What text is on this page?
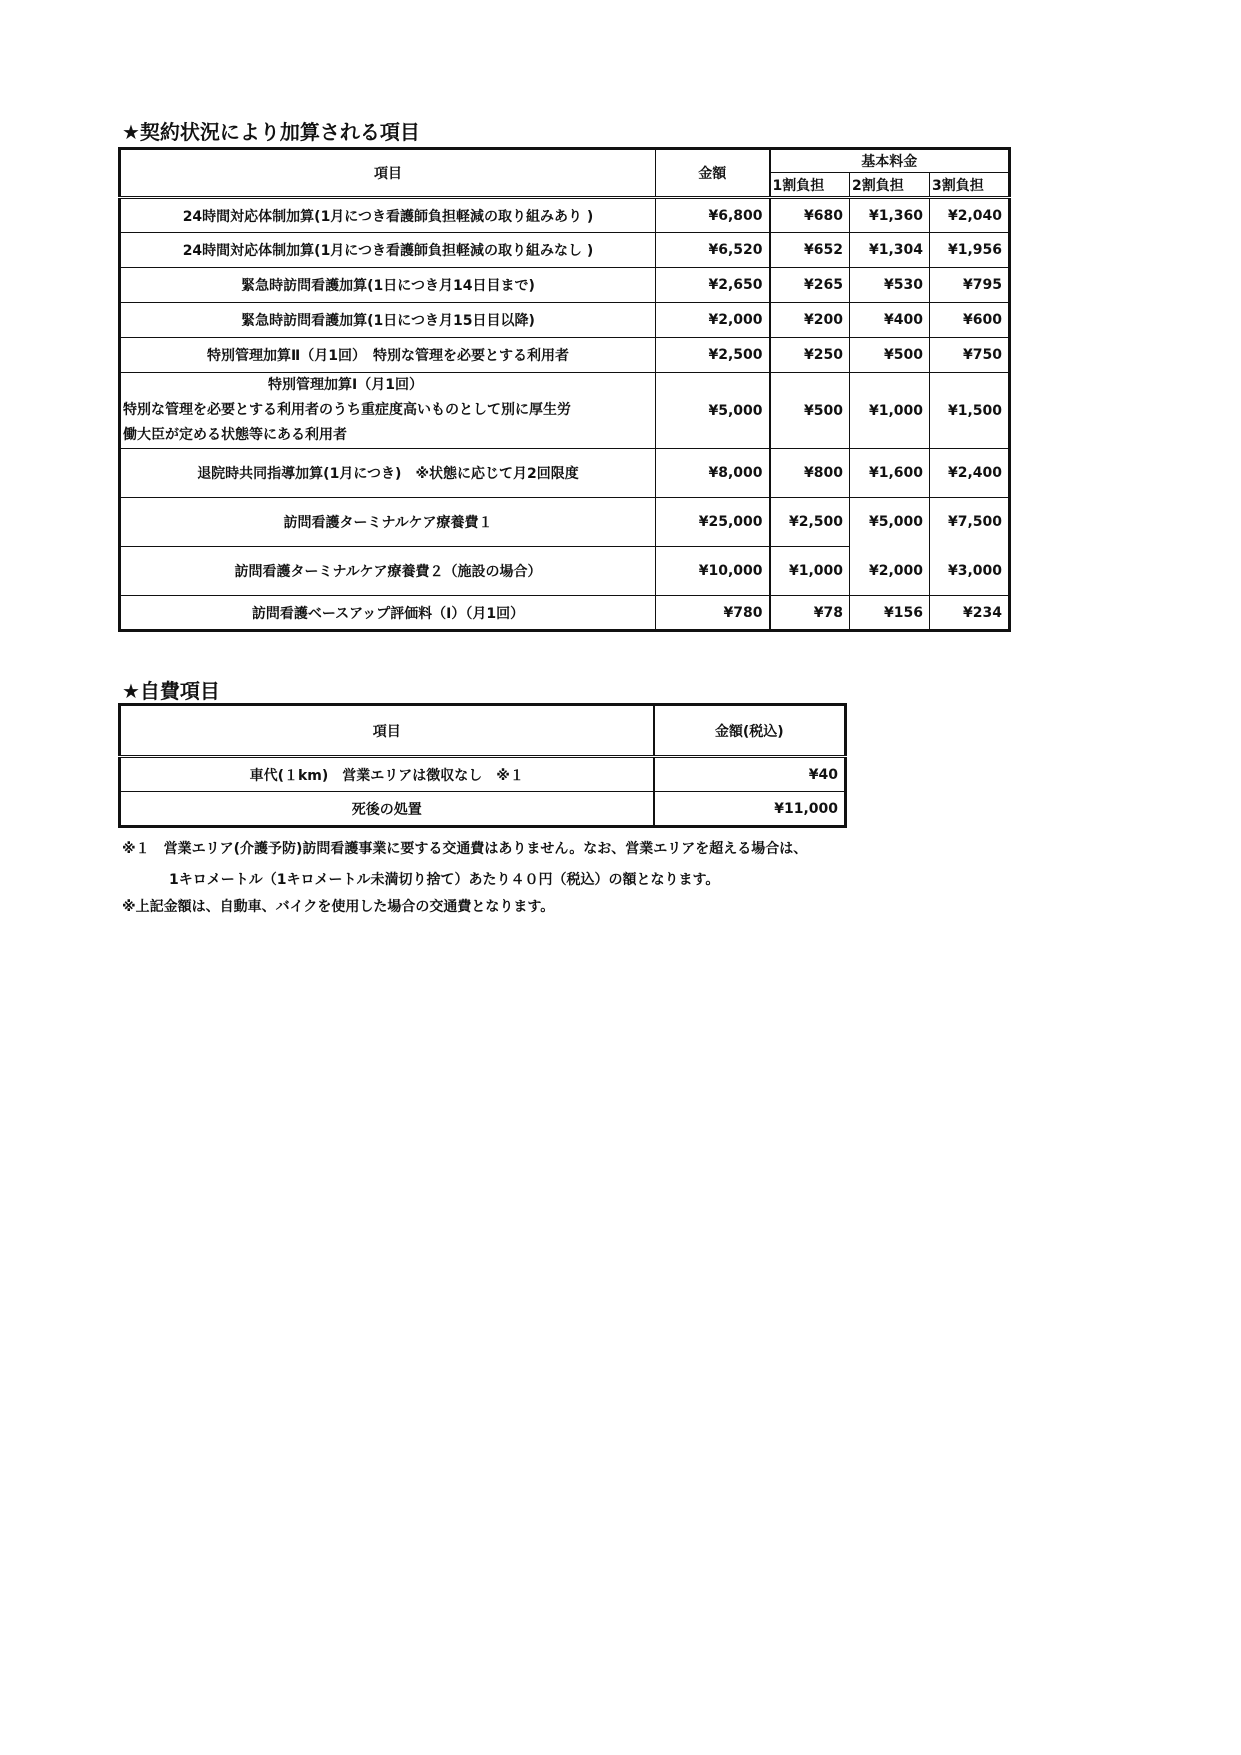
★契約状況により加算される項目
項目	金額	基本料金		
		1割負担	2割負担	3割負担
24時間対応体制加算(1月につき看護師負担軽減の取り組みあり )	¥6,800	¥680	¥1,360	¥2,040
24時間対応体制加算(1月につき看護師負担軽減の取り組みなし )	¥6,520	¥652	¥1,304	¥1,956
緊急時訪問看護加算(1日につき月14日目まで)	¥2,650	¥265	¥530	¥795
緊急時訪問看護加算(1日につき月15日目以降)	¥2,000	¥200	¥400	¥600
特別管理加算Ⅱ（月1回）　特別な管理を必要とする利用者	¥2,500	¥250	¥500	¥750

特別管理加算Ⅰ（月1回）
特別な管理を必要とする利用者のうち重症度高いものとして別に厚生労
働大臣が定める状態等にある利用者	¥5,000	¥500	¥1,000	¥1,500
退院時共同指導加算(1月につき)　※状態に応じて月2回限度	¥8,000	¥800	¥1,600	¥2,400
訪問看護ターミナルケア療養費１	¥25,000	¥2,500	¥5,000	¥7,500
訪問看護ターミナルケア療養費２（施設の場合）	¥10,000	¥1,000	¥2,000	¥3,000
訪問看護ベースアップ評価料（Ⅰ）（月1回）	¥780	¥78	¥156	¥234
★自費項目
項目	金額(税込)
車代(１km)　営業エリアは徴収なし　※１	¥40
死後の処置	¥11,000
※１　営業エリア(介護予防)訪問看護事業に要する交通費はありません。なお、営業エリアを超える場合は、
1キロメートル（1キロメートル未満切り捨て）あたり４０円（税込）の額となります。
※上記金額は、自動車、バイクを使用した場合の交通費となります。
